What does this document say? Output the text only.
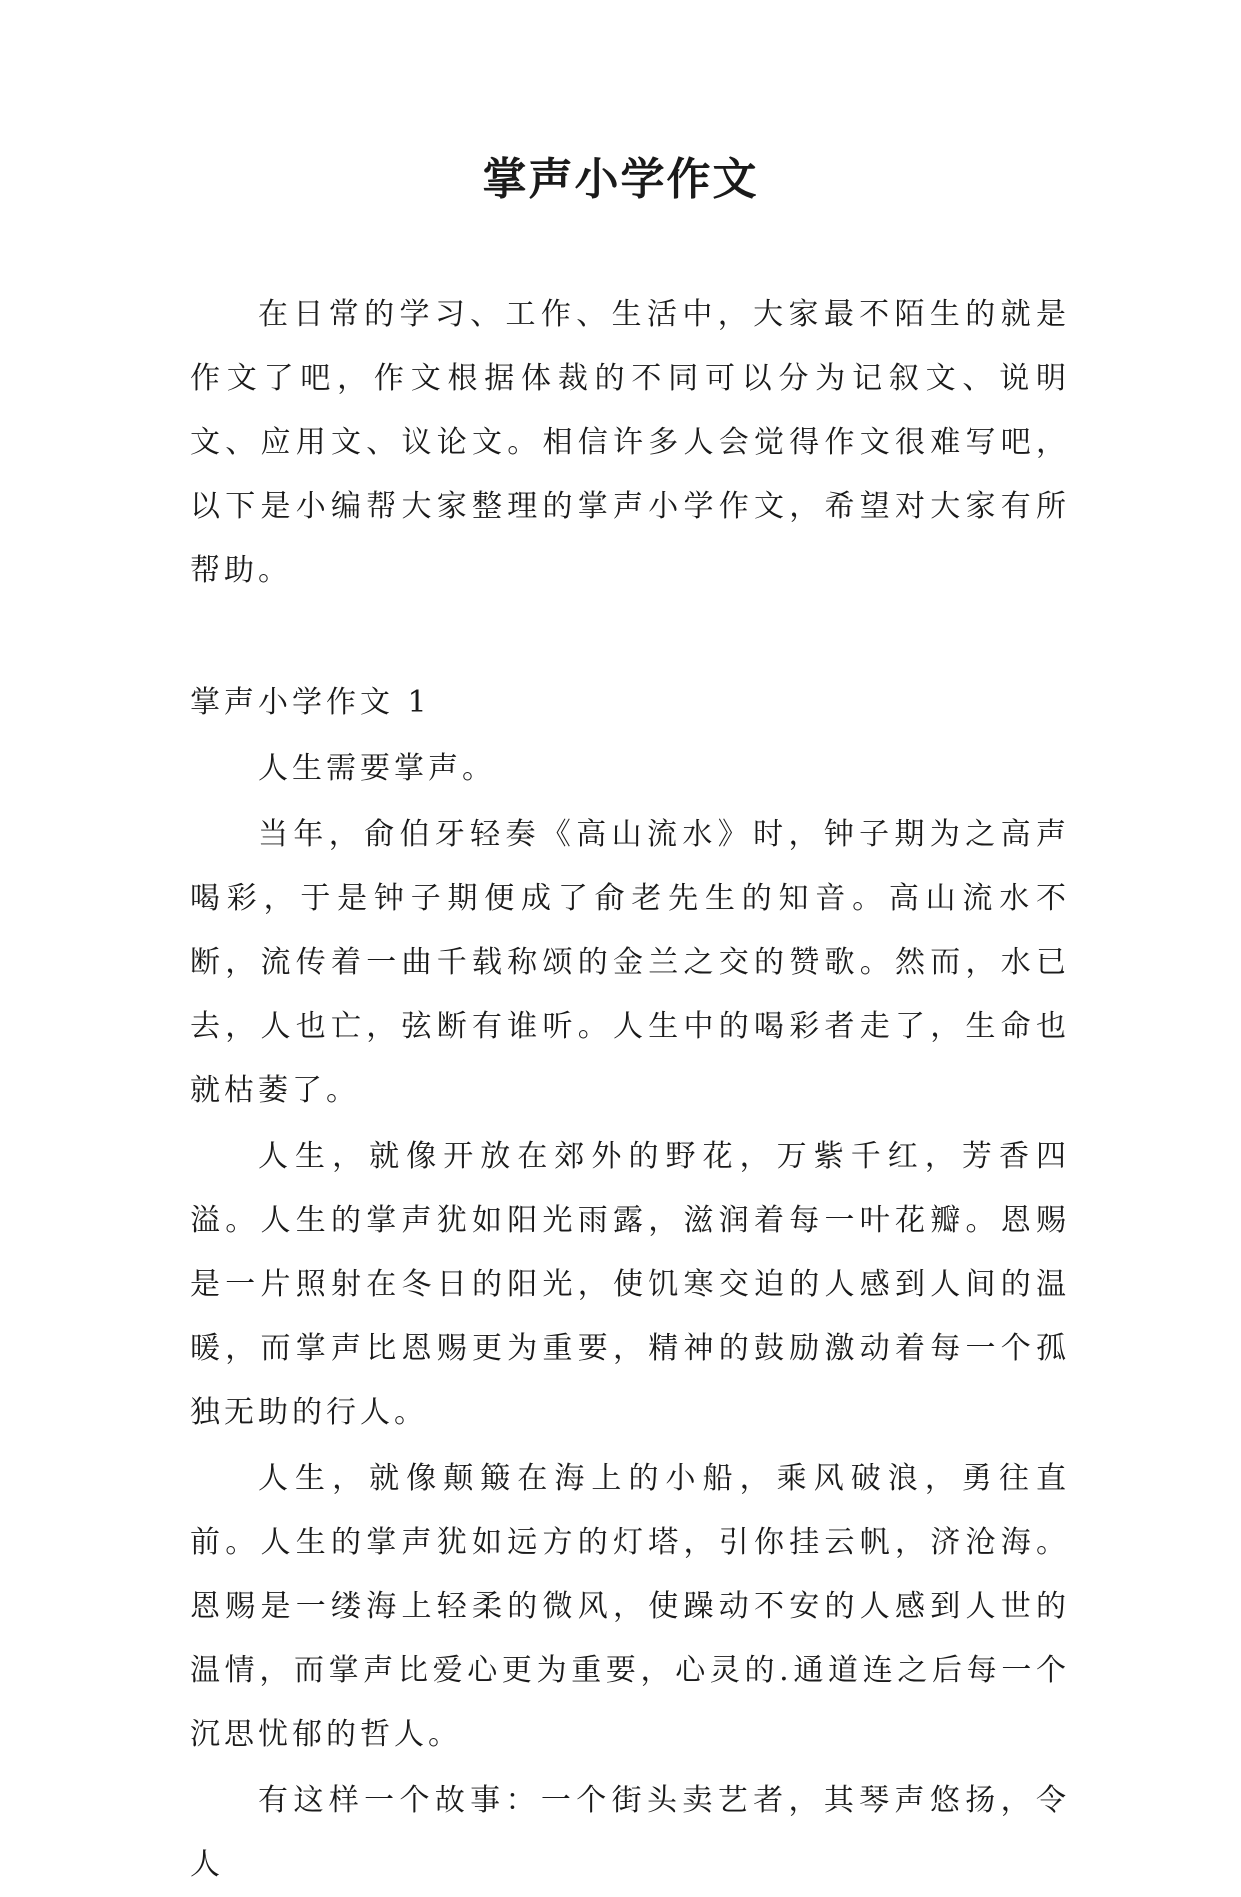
掌声小学作文

在日常的学习、工作、生活中，大家最不陌生的就是作文了吧，作文根据体裁的不同可以分为记叙文、说明文、应用文、议论文。相信许多人会觉得作文很难写吧，以下是小编帮大家整理的掌声小学作文，希望对大家有所帮助。

掌声小学作文 1

人生需要掌声。

当年，俞伯牙轻奏《高山流水》时，钟子期为之高声喝彩，于是钟子期便成了俞老先生的知音。高山流水不断，流传着一曲千载称颂的金兰之交的赞歌。然而，水已去，人也亡，弦断有谁听。人生中的喝彩者走了，生命也就枯萎了。

人生，就像开放在郊外的野花，万紫千红，芳香四溢。人生的掌声犹如阳光雨露，滋润着每一叶花瓣。恩赐是一片照射在冬日的阳光，使饥寒交迫的人感到人间的温暖，而掌声比恩赐更为重要，精神的鼓励激动着每一个孤独无助的行人。

人生，就像颠簸在海上的小船，乘风破浪，勇往直前。人生的掌声犹如远方的灯塔，引你挂云帆，济沧海。恩赐是一缕海上轻柔的微风，使躁动不安的人感到人世的温情，而掌声比爱心更为重要，心灵的.通道连之后每一个沉思忧郁的哲人。

有这样一个故事：一个街头卖艺者，其琴声悠扬，令人
